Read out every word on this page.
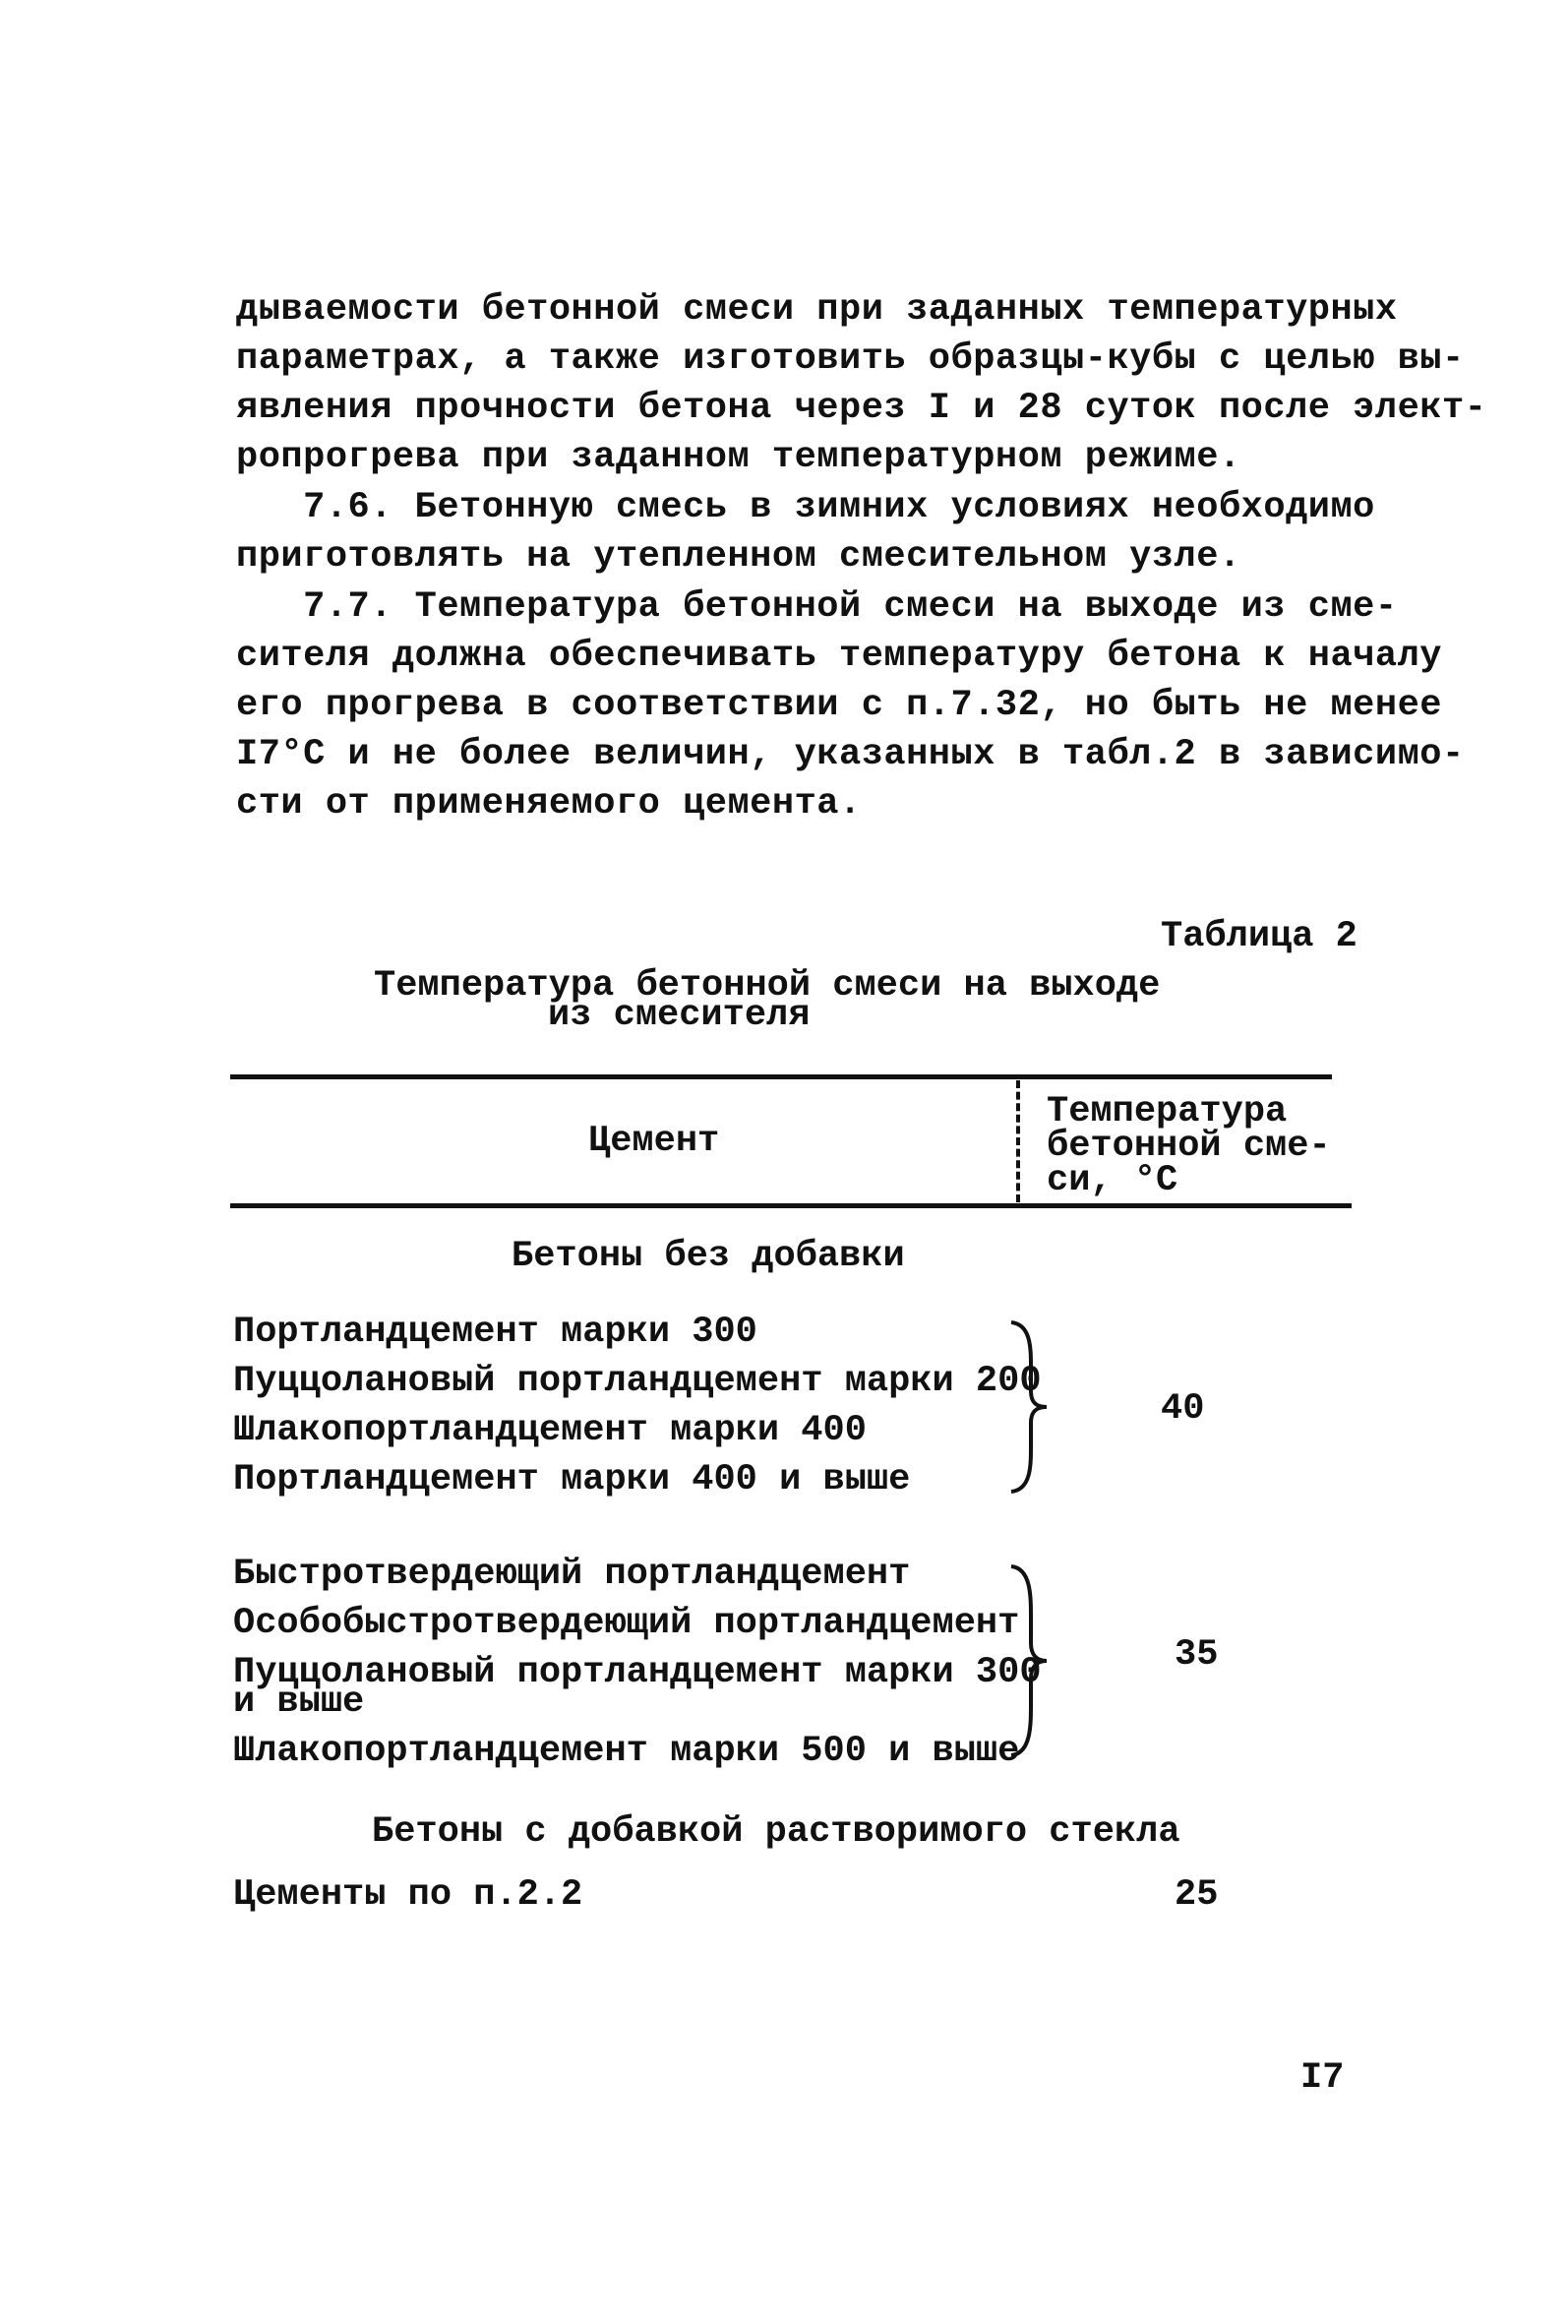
дываемости бетонной смеси при заданных температурных
параметрах, а также изготовить образцы-кубы с целью вы-
явления прочности бетона через I и 28 суток после элект-
ропрогрева при заданном температурном режиме.
7.6. Бетонную смесь в зимних условиях необходимо
приготовлять на утепленном смесительном узле.
7.7. Температура бетонной смеси на выходе из сме-
сителя должна обеспечивать температуру бетона к началу
его прогрева в соответствии с п.7.32, но быть не менее
I7°С и не более величин, указанных в табл.2 в зависимо-
сти от применяемого цемента.
Таблица 2
Температура бетонной смеси на выходе
из смесителя
Цемент
Температура
бетонной сме-
си, °С
Бетоны без добавки
Портландцемент марки 300
Пуццолановый портландцемент марки 200
Шлакопортландцемент марки 400
Портландцемент марки 400 и выше
40
Быстротвердеющий портландцемент
Особобыстротвердеющий портландцемент
Пуццолановый портландцемент марки 300
и выше
Шлакопортландцемент марки 500 и выше
35
Бетоны с добавкой растворимого стекла
Цементы по п.2.2	25
I7
